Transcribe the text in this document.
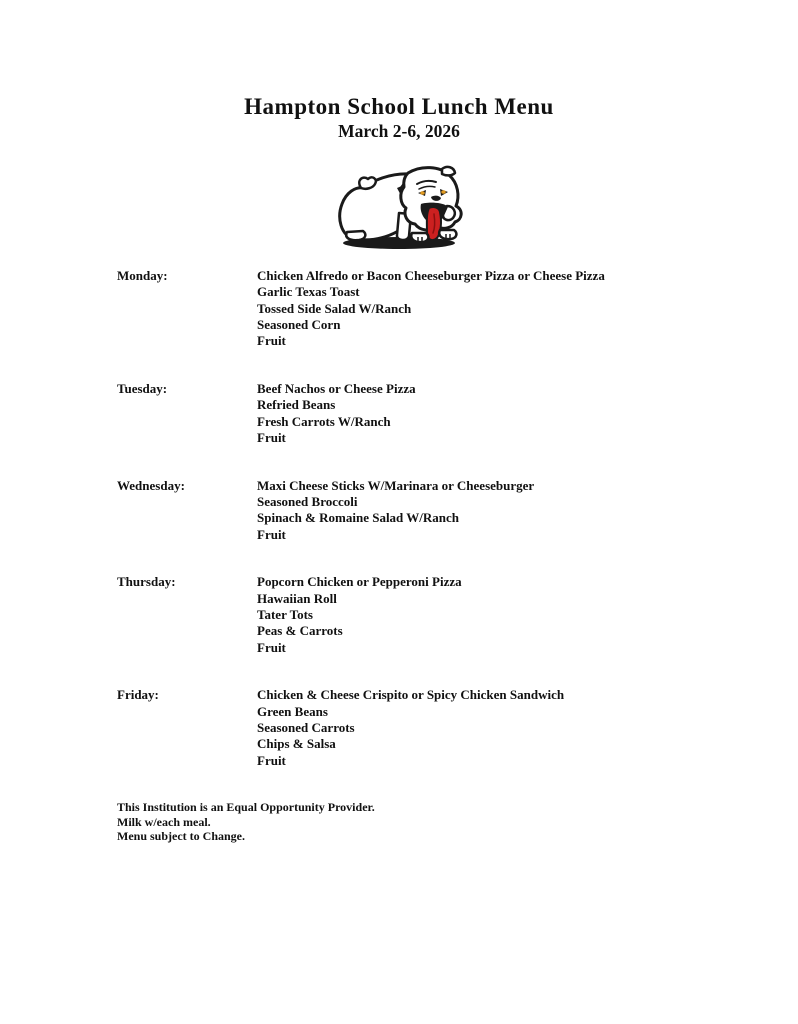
Hampton School Lunch Menu
March 2-6, 2026
Monday:	Chicken Alfredo or Bacon Cheeseburger Pizza or Cheese Pizza
Garlic Texas Toast
Tossed Side Salad W/Ranch
Seasoned Corn
Fruit
Tuesday:	Beef Nachos or Cheese Pizza
Refried Beans
Fresh Carrots W/Ranch
Fruit
Wednesday:	Maxi Cheese Sticks W/Marinara or Cheeseburger
Seasoned Broccoli
Spinach & Romaine Salad W/Ranch
Fruit
Thursday:	Popcorn Chicken or Pepperoni Pizza
Hawaiian Roll
Tater Tots
Peas & Carrots
Fruit
Friday:	Chicken & Cheese Crispito or Spicy Chicken Sandwich
Green Beans
Seasoned Carrots
Chips & Salsa
Fruit
This Institution is an Equal Opportunity Provider.
Milk w/each meal.
Menu subject to Change.
